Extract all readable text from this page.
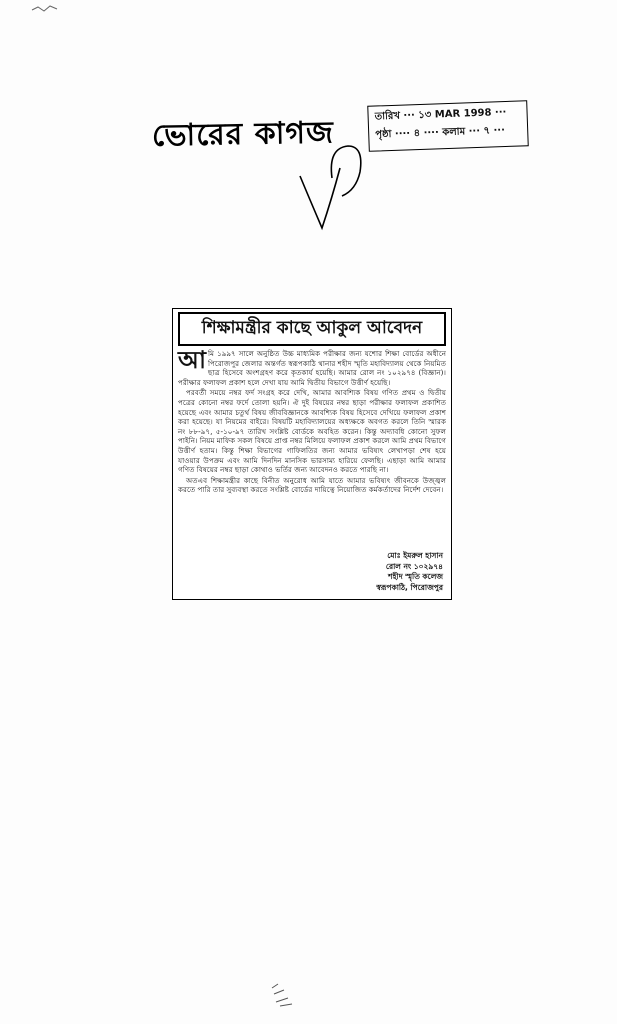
ভোরের কাগজ	তারিখ ··· ১৩ MAR 1998 ···
পৃষ্ঠা ···· ৪ ···· কলাম ··· ৭ ···
শিক্ষামন্ত্রীর কাছে আকুল আবেদন

আ মি ১৯৯৭ সালে অনুষ্ঠিত উচ্চ মাধ্যমিক পরীক্ষার জন্য যশোর শিক্ষা বোর্ডের অধীনে পিরোজপুর জেলার অন্তর্গত স্বরূপকাঠি থানার শহীদ স্মৃতি মহাবিদ্যালয় থেকে নিয়মিত ছাত্র হিসেবে অংশগ্রহণ করে কৃতকার্য হয়েছি। আমার রোল নং ১০২৯৭৪ (বিজ্ঞান)। পরীক্ষার ফলাফল প্রকাশ হলে দেখা যায় আমি দ্বিতীয় বিভাগে উত্তীর্ণ হয়েছি।

পরবর্তী সময়ে নম্বর ফর্দ সংগ্রহ করে দেখি, আমার আবশ্যিক বিষয় গণিত প্রথম ও দ্বিতীয় পত্রের কোনো নম্বর ফর্দে তোলা হয়নি। ঐ দুই বিষয়ের নম্বর ছাড়া পরীক্ষার ফলাফল প্রকাশিত হয়েছে এবং আমার চতুর্থ বিষয় জীববিজ্ঞানকে আবশ্যিক বিষয় হিসেবে দেখিয়ে ফলাফল প্রকাশ করা হয়েছে। যা নিয়মের বাইরে। বিষয়টি মহাবিদ্যালয়ের অধ্যক্ষকে অবগত করলে তিনি স্মারক নং ৮৮-৯৭, ৫-১০-৯৭ তারিখ সংশ্লিষ্ট বোর্ডকে অবহিত করেন। কিন্তু অদ্যাবধি কোনো সুফল পাইনি। নিয়ম মাফিক সকল বিষয়ে প্রাপ্ত নম্বর মিলিয়ে ফলাফল প্রকাশ করলে আমি প্রথম বিভাগে উত্তীর্ণ হতাম। কিন্তু শিক্ষা বিভাগের গাফিলতির জন্য আমার ভবিষ্যৎ লেখাপড়া শেষ হয়ে যাওয়ার উপক্রম এবং আমি দিনদিন মানসিক ভারসাম্য হারিয়ে ফেলছি। এছাড়া আমি আমার গণিত বিষয়ের নম্বর ছাড়া কোথাও ভর্তির জন্য আবেদনও করতে পারছি না।

অতএব শিক্ষামন্ত্রীর কাছে বিনীত অনুরোধ আমি যাতে আমার ভবিষ্যৎ জীবনকে উজ্জ্বল করতে পারি তার সুব্যবস্থা করতে সংশ্লিষ্ট বোর্ডের দায়িত্বে নিয়োজিত কর্মকর্তাদের নির্দেশ দেবেন।

মোঃ ইমরুল হাসান
রোল নং ১০২৯৭৪
শহীদ স্মৃতি কলেজ
স্বরূপকাঠি, পিরোজপুর
